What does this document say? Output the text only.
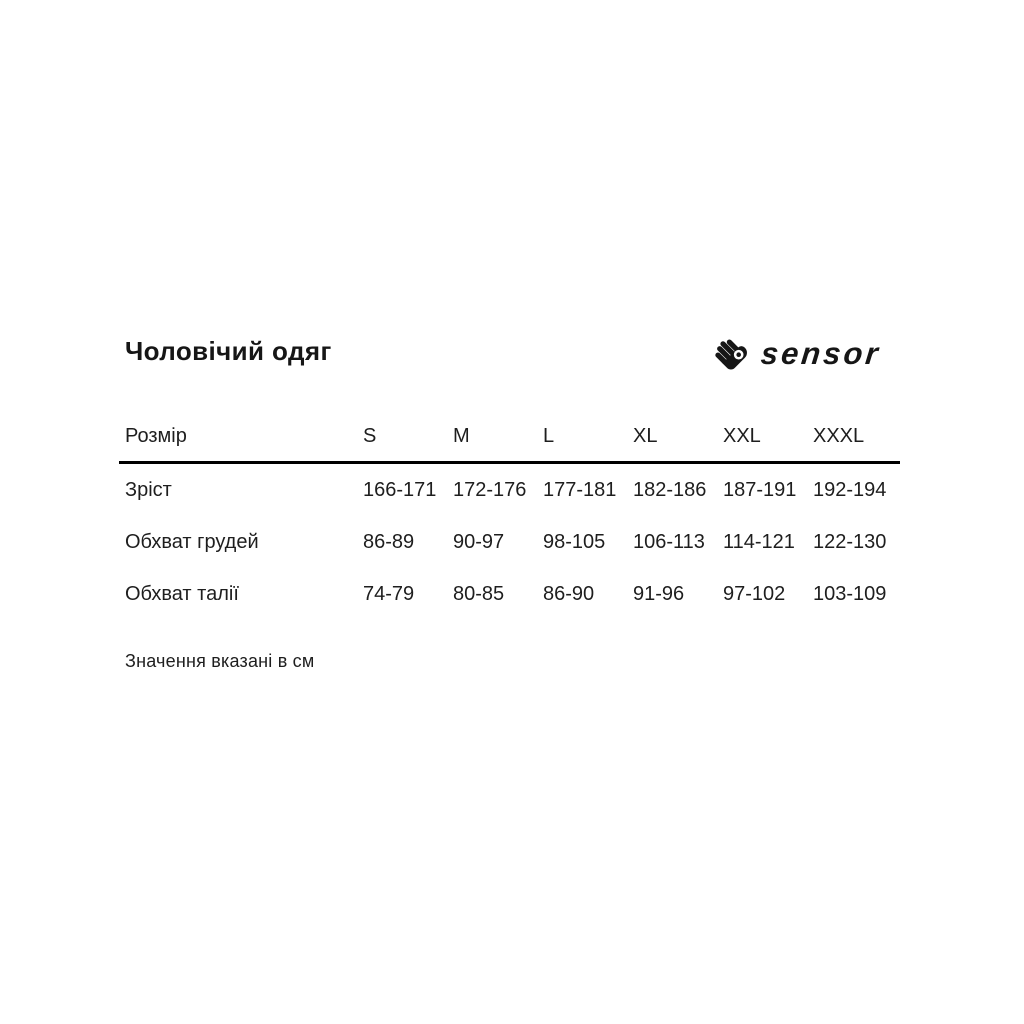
Чоловічий одяг	sensor
Розмір	S	M	L	XL	XXL	XXXL
Зріст	166-171 172-176 177-181 182-186 187-191 192-194
Обхват грудей	86-89	90-97	98-105	106-113 114-121 122-130
Обхват талії	74-79	80-85	86-90	91-96	97-102	103-109
Значення вказані в см
